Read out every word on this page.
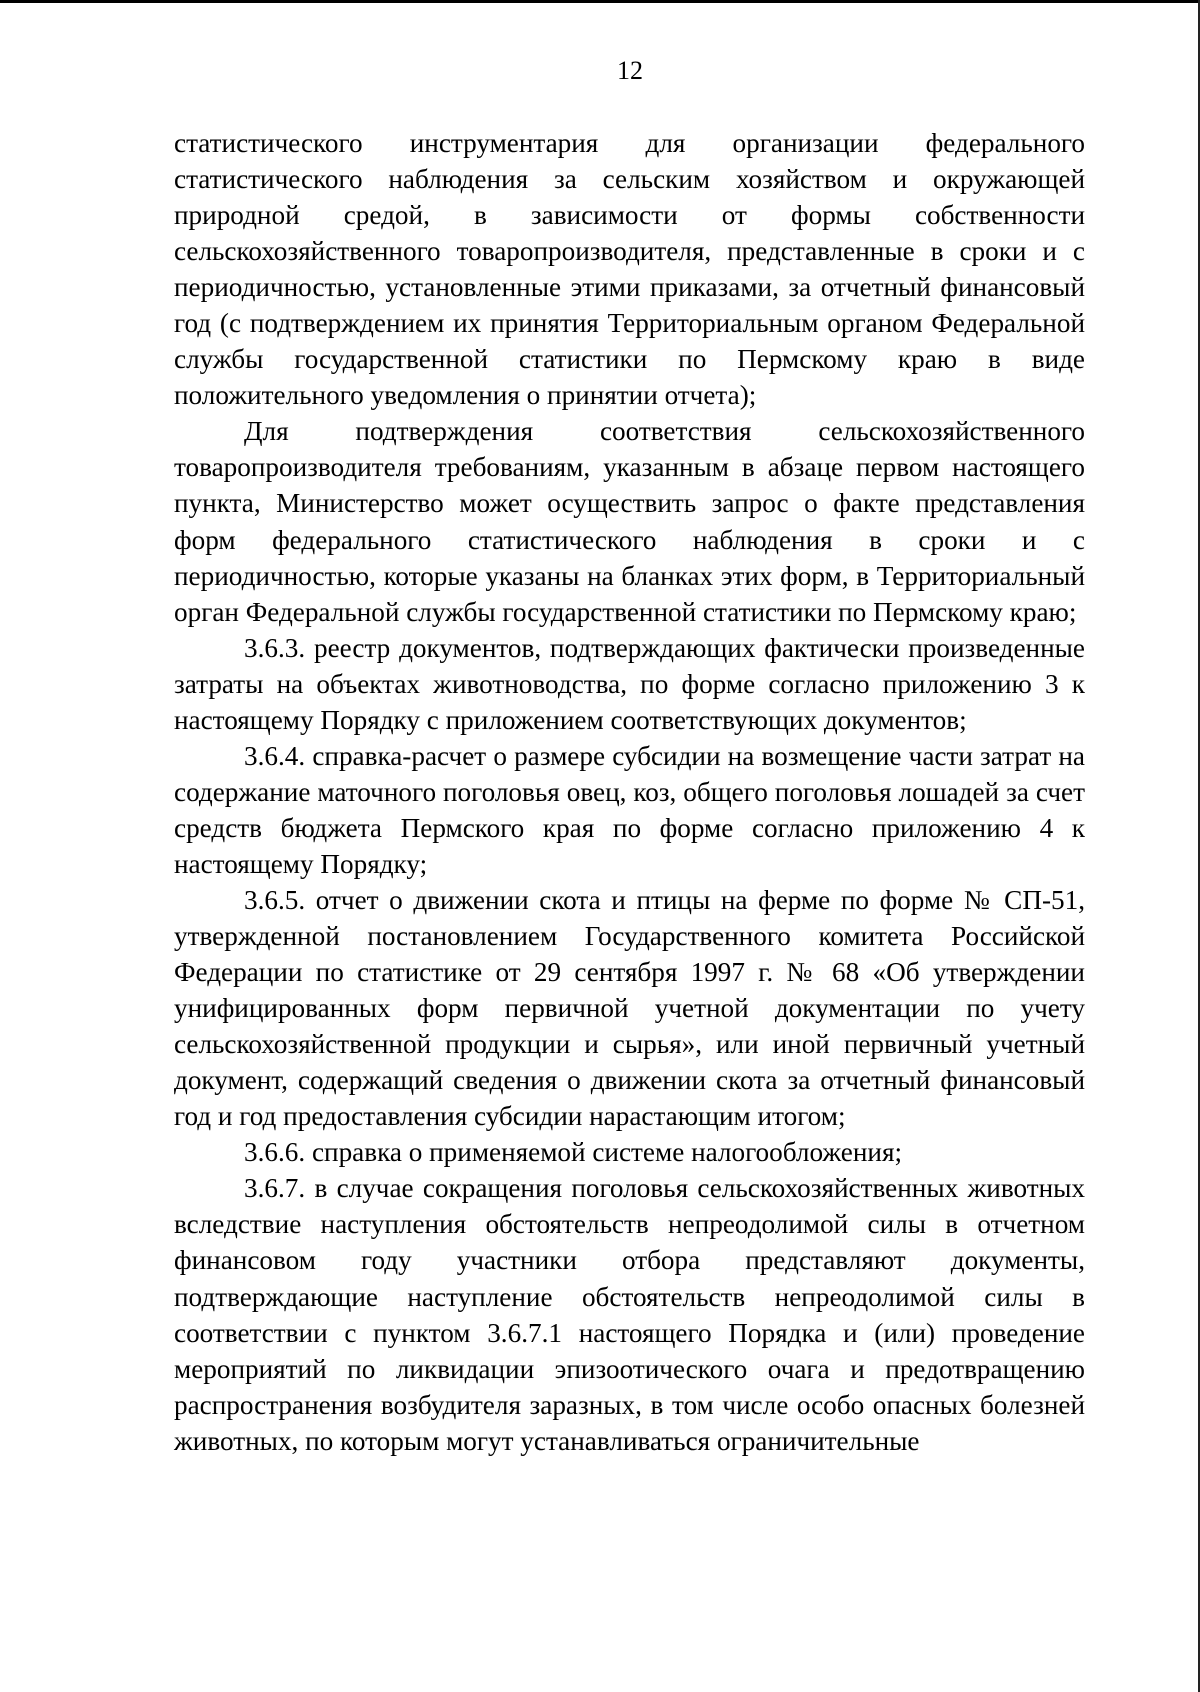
12

статистического инструментария для организации федерального статистического наблюдения за сельским хозяйством и окружающей природной средой, в зависимости от формы собственности сельскохозяйственного товаропроизводителя, представленные в сроки и с периодичностью, установленные этими приказами, за отчетный финансовый год (с подтверждением их принятия Территориальным органом Федеральной службы государственной статистики по Пермскому краю в виде положительного уведомления о принятии отчета);

Для подтверждения соответствия сельскохозяйственного товаропроизводителя требованиям, указанным в абзаце первом настоящего пункта, Министерство может осуществить запрос о факте представления форм федерального статистического наблюдения в сроки и с периодичностью, которые указаны на бланках этих форм, в Территориальный орган Федеральной службы государственной статистики по Пермскому краю;

3.6.3. реестр документов, подтверждающих фактически произведенные затраты на объектах животноводства, по форме согласно приложению 3 к настоящему Порядку с приложением соответствующих документов;

3.6.4. справка-расчет о размере субсидии на возмещение части затрат на содержание маточного поголовья овец, коз, общего поголовья лошадей за счет средств бюджета Пермского края по форме согласно приложению 4 к настоящему Порядку;

3.6.5. отчет о движении скота и птицы на ферме по форме № СП-51, утвержденной постановлением Государственного комитета Российской Федерации по статистике от 29 сентября 1997 г. № 68 «Об утверждении унифицированных форм первичной учетной документации по учету сельскохозяйственной продукции и сырья», или иной первичный учетный документ, содержащий сведения о движении скота за отчетный финансовый год и год предоставления субсидии нарастающим итогом;

3.6.6. справка о применяемой системе налогообложения;

3.6.7. в случае сокращения поголовья сельскохозяйственных животных вследствие наступления обстоятельств непреодолимой силы в отчетном финансовом году участники отбора представляют документы, подтверждающие наступление обстоятельств непреодолимой силы в соответствии с пунктом 3.6.7.1 настоящего Порядка и (или) проведение мероприятий по ликвидации эпизоотического очага и предотвращению распространения возбудителя заразных, в том числе особо опасных болезней животных, по которым могут устанавливаться ограничительные
